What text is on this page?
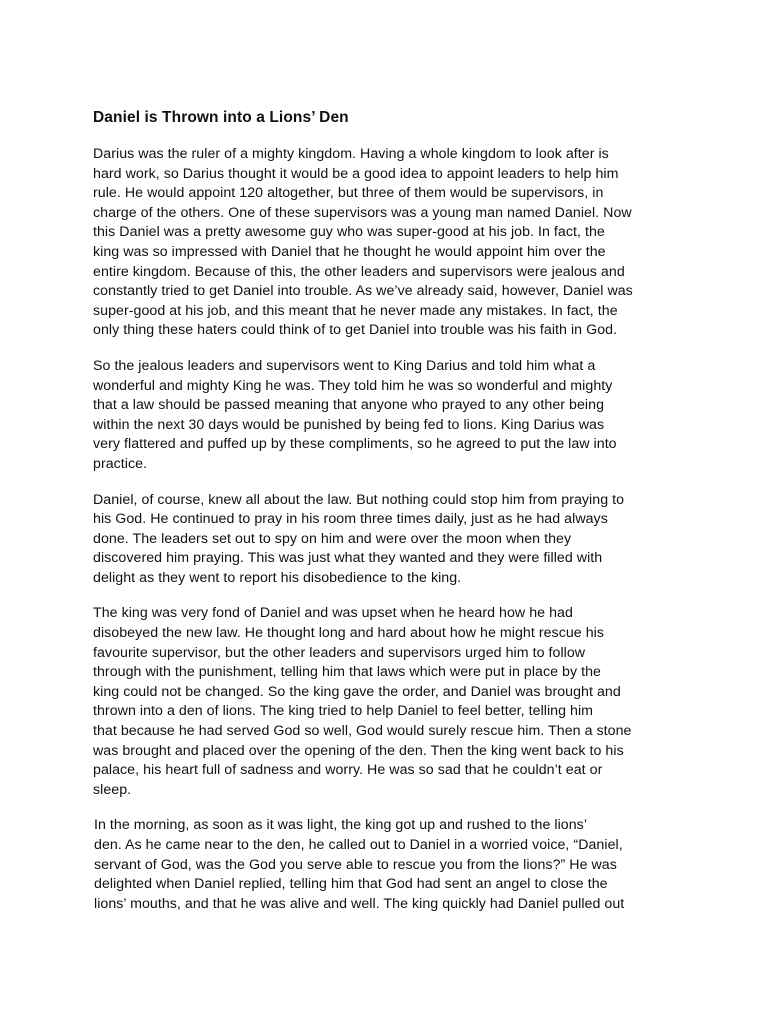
Daniel is Thrown into a Lions’ Den

Darius was the ruler of a mighty kingdom. Having a whole kingdom to look after is
hard work, so Darius thought it would be a good idea to appoint leaders to help him
rule. He would appoint 120 altogether, but three of them would be supervisors, in
charge of the others. One of these supervisors was a young man named Daniel. Now
this Daniel was a pretty awesome guy who was super-good at his job. In fact, the
king was so impressed with Daniel that he thought he would appoint him over the
entire kingdom. Because of this, the other leaders and supervisors were jealous and
constantly tried to get Daniel into trouble. As we’ve already said, however, Daniel was
super-good at his job, and this meant that he never made any mistakes. In fact, the
only thing these haters could think of to get Daniel into trouble was his faith in God.

So the jealous leaders and supervisors went to King Darius and told him what a
wonderful and mighty King he was. They told him he was so wonderful and mighty
that a law should be passed meaning that anyone who prayed to any other being
within the next 30 days would be punished by being fed to lions. King Darius was
very flattered and puffed up by these compliments, so he agreed to put the law into
practice.

Daniel, of course, knew all about the law. But nothing could stop him from praying to
his God. He continued to pray in his room three times daily, just as he had always
done. The leaders set out to spy on him and were over the moon when they
discovered him praying. This was just what they wanted and they were filled with
delight as they went to report his disobedience to the king.

The king was very fond of Daniel and was upset when he heard how he had
disobeyed the new law. He thought long and hard about how he might rescue his
favourite supervisor, but the other leaders and supervisors urged him to follow
through with the punishment, telling him that laws which were put in place by the
king could not be changed. So the king gave the order, and Daniel was brought and
thrown into a den of lions. The king tried to help Daniel to feel better, telling him
that because he had served God so well, God would surely rescue him. Then a stone
was brought and placed over the opening of the den. Then the king went back to his
palace, his heart full of sadness and worry. He was so sad that he couldn’t eat or
sleep.

In the morning, as soon as it was light, the king got up and rushed to the lions’
den. As he came near to the den, he called out to Daniel in a worried voice, “Daniel,
servant of God, was the God you serve able to rescue you from the lions?” He was
delighted when Daniel replied, telling him that God had sent an angel to close the
lions’ mouths, and that he was alive and well. The king quickly had Daniel pulled out
